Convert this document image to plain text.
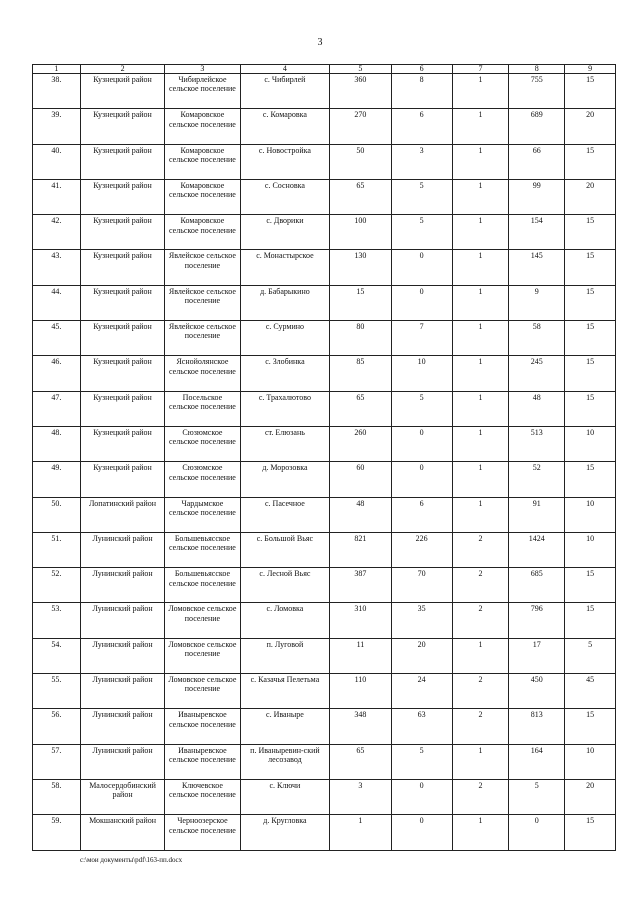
3
1	2	3	4	5	6	7	8	9
38.	Кузнецкий район	Чибирлейское сельское поселение	с. Чибирлей	360	8	1	755	15
39.	Кузнецкий район	Комаровское сельское поселение	с. Комаровка	270	6	1	689	20
40.	Кузнецкий район	Комаровское сельское поселение	с. Новостройка	50	3	1	66	15
41.	Кузнецкий район	Комаровское сельское поселение	с. Сосновка	65	5	1	99	20
42.	Кузнецкий район	Комаровское сельское поселение	с. Дворики	100	5	1	154	15
43.	Кузнецкий район	Явлейское сельское поселение	с. Монастырское	130	0	1	145	15
44.	Кузнецкий район	Явлейское сельское поселение	д. Бабарыкино	15	0	1	9	15
45.	Кузнецкий район	Явлейское сельское поселение	с. Сурмино	80	7	1	58	15
46.	Кузнецкий район	Яснойолянское сельское поселение	с. Злобинка	85	10	1	245	15
47.	Кузнецкий район	Посельское сельское поселение	с. Трахалютово	65	5	1	48	15
48.	Кузнецкий район	Сюзюмское сельское поселение	ст. Елюзань	260	0	1	513	10
49.	Кузнецкий район	Сюзюмское сельское поселение	д. Морозовка	60	0	1	52	15
50.	Лопатинский район	Чардымское сельское поселение	с. Пасечное	48	6	1	91	10
51.	Лунинский район	Большевьясское сельское поселение	с. Большой Вьяс	821	226	2	1424	10
52.	Лунинский район	Большевьясское сельское поселение	с. Лесной Вьяс	387	70	2	685	15
53.	Лунинский район	Ломовское сельское поселение	с. Ломовка	310	35	2	796	15
54.	Лунинский район	Ломовское сельское поселение	п. Луговой	11	20	1	17	5
55.	Лунинский район	Ломовское сельское поселение	с. Казачья Пелетьма	110	24	2	450	45
56.	Лунинский район	Иваныревское сельское поселение	с. Иваныре	348	63	2	813	15
57.	Лунинский район	Иваныревское сельское поселение	п. Иваныревин-ский лесозавод	65	5	1	164	10
58.	Малосердобинский район	Ключевское сельское поселение	с. Ключи	3	0	2	5	20
59.	Мокшанский район	Черноозерское сельское поселение	д. Кругловка	1	0	1	0	15
c:\мои документы\pdf\163-пп.docx
